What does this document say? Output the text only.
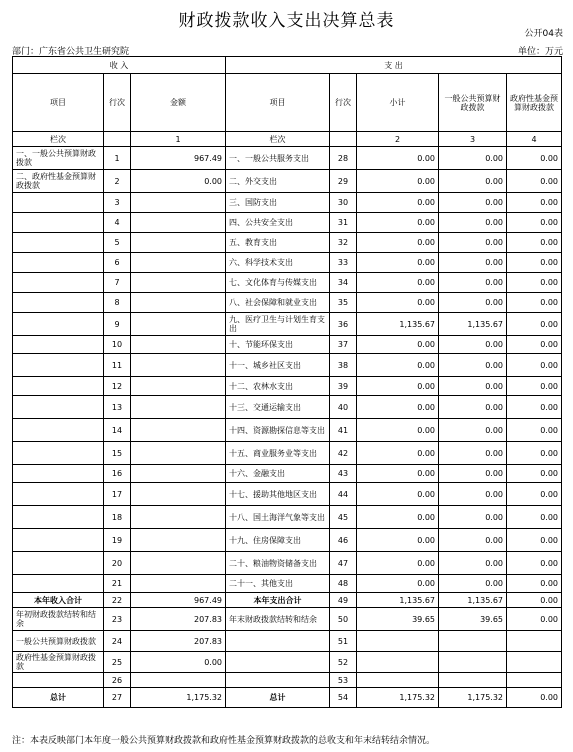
财政拨款收入支出决算总表
公开04表
部门：广东省公共卫生研究院	单位：万元
收 入			支 出				
项目	行次	金额	项目	行次	小计	一般公共预算财政拨款	政府性基金预算财政拨款
栏次		1	栏次		2	3	4
一、一般公共预算财政拨款	1	967.49	一、一般公共服务支出	28	0.00	0.00	0.00
二、政府性基金预算财政拨款	2	0.00	二、外交支出	29	0.00	0.00	0.00
	3		三、国防支出	30	0.00	0.00	0.00
	4		四、公共安全支出	31	0.00	0.00	0.00
	5		五、教育支出	32	0.00	0.00	0.00
	6		六、科学技术支出	33	0.00	0.00	0.00
	7		七、文化体育与传媒支出	34	0.00	0.00	0.00
	8		八、社会保障和就业支出	35	0.00	0.00	0.00
	9		九、医疗卫生与计划生育支出	36	1,135.67	1,135.67	0.00
	10		十、节能环保支出	37	0.00	0.00	0.00
	11		十一、城乡社区支出	38	0.00	0.00	0.00
	12		十二、农林水支出	39	0.00	0.00	0.00
	13		十三、交通运输支出	40	0.00	0.00	0.00
	14		十四、资源勘探信息等支出	41	0.00	0.00	0.00
	15		十五、商业服务业等支出	42	0.00	0.00	0.00
	16		十六、金融支出	43	0.00	0.00	0.00
	17		十七、援助其他地区支出	44	0.00	0.00	0.00
	18		十八、国土海洋气象等支出	45	0.00	0.00	0.00
	19		十九、住房保障支出	46	0.00	0.00	0.00
	20		二十、粮油物资储备支出	47	0.00	0.00	0.00
	21		二十一、其他支出	48	0.00	0.00	0.00
本年收入合计	22	967.49	本年支出合计	49	1,135.67	1,135.67	0.00
年初财政拨款结转和结余	23	207.83	年末财政拨款结转和结余	50	39.65	39.65	0.00
一般公共预算财政拨款	24	207.83		51			
政府性基金预算财政拨款	25	0.00		52			
	26			53			
总计	27	1,175.32	总计	54	1,175.32	1,175.32	0.00
注：本表反映部门本年度一般公共预算财政拨款和政府性基金预算财政拨款的总收支和年末结转结余情况。
